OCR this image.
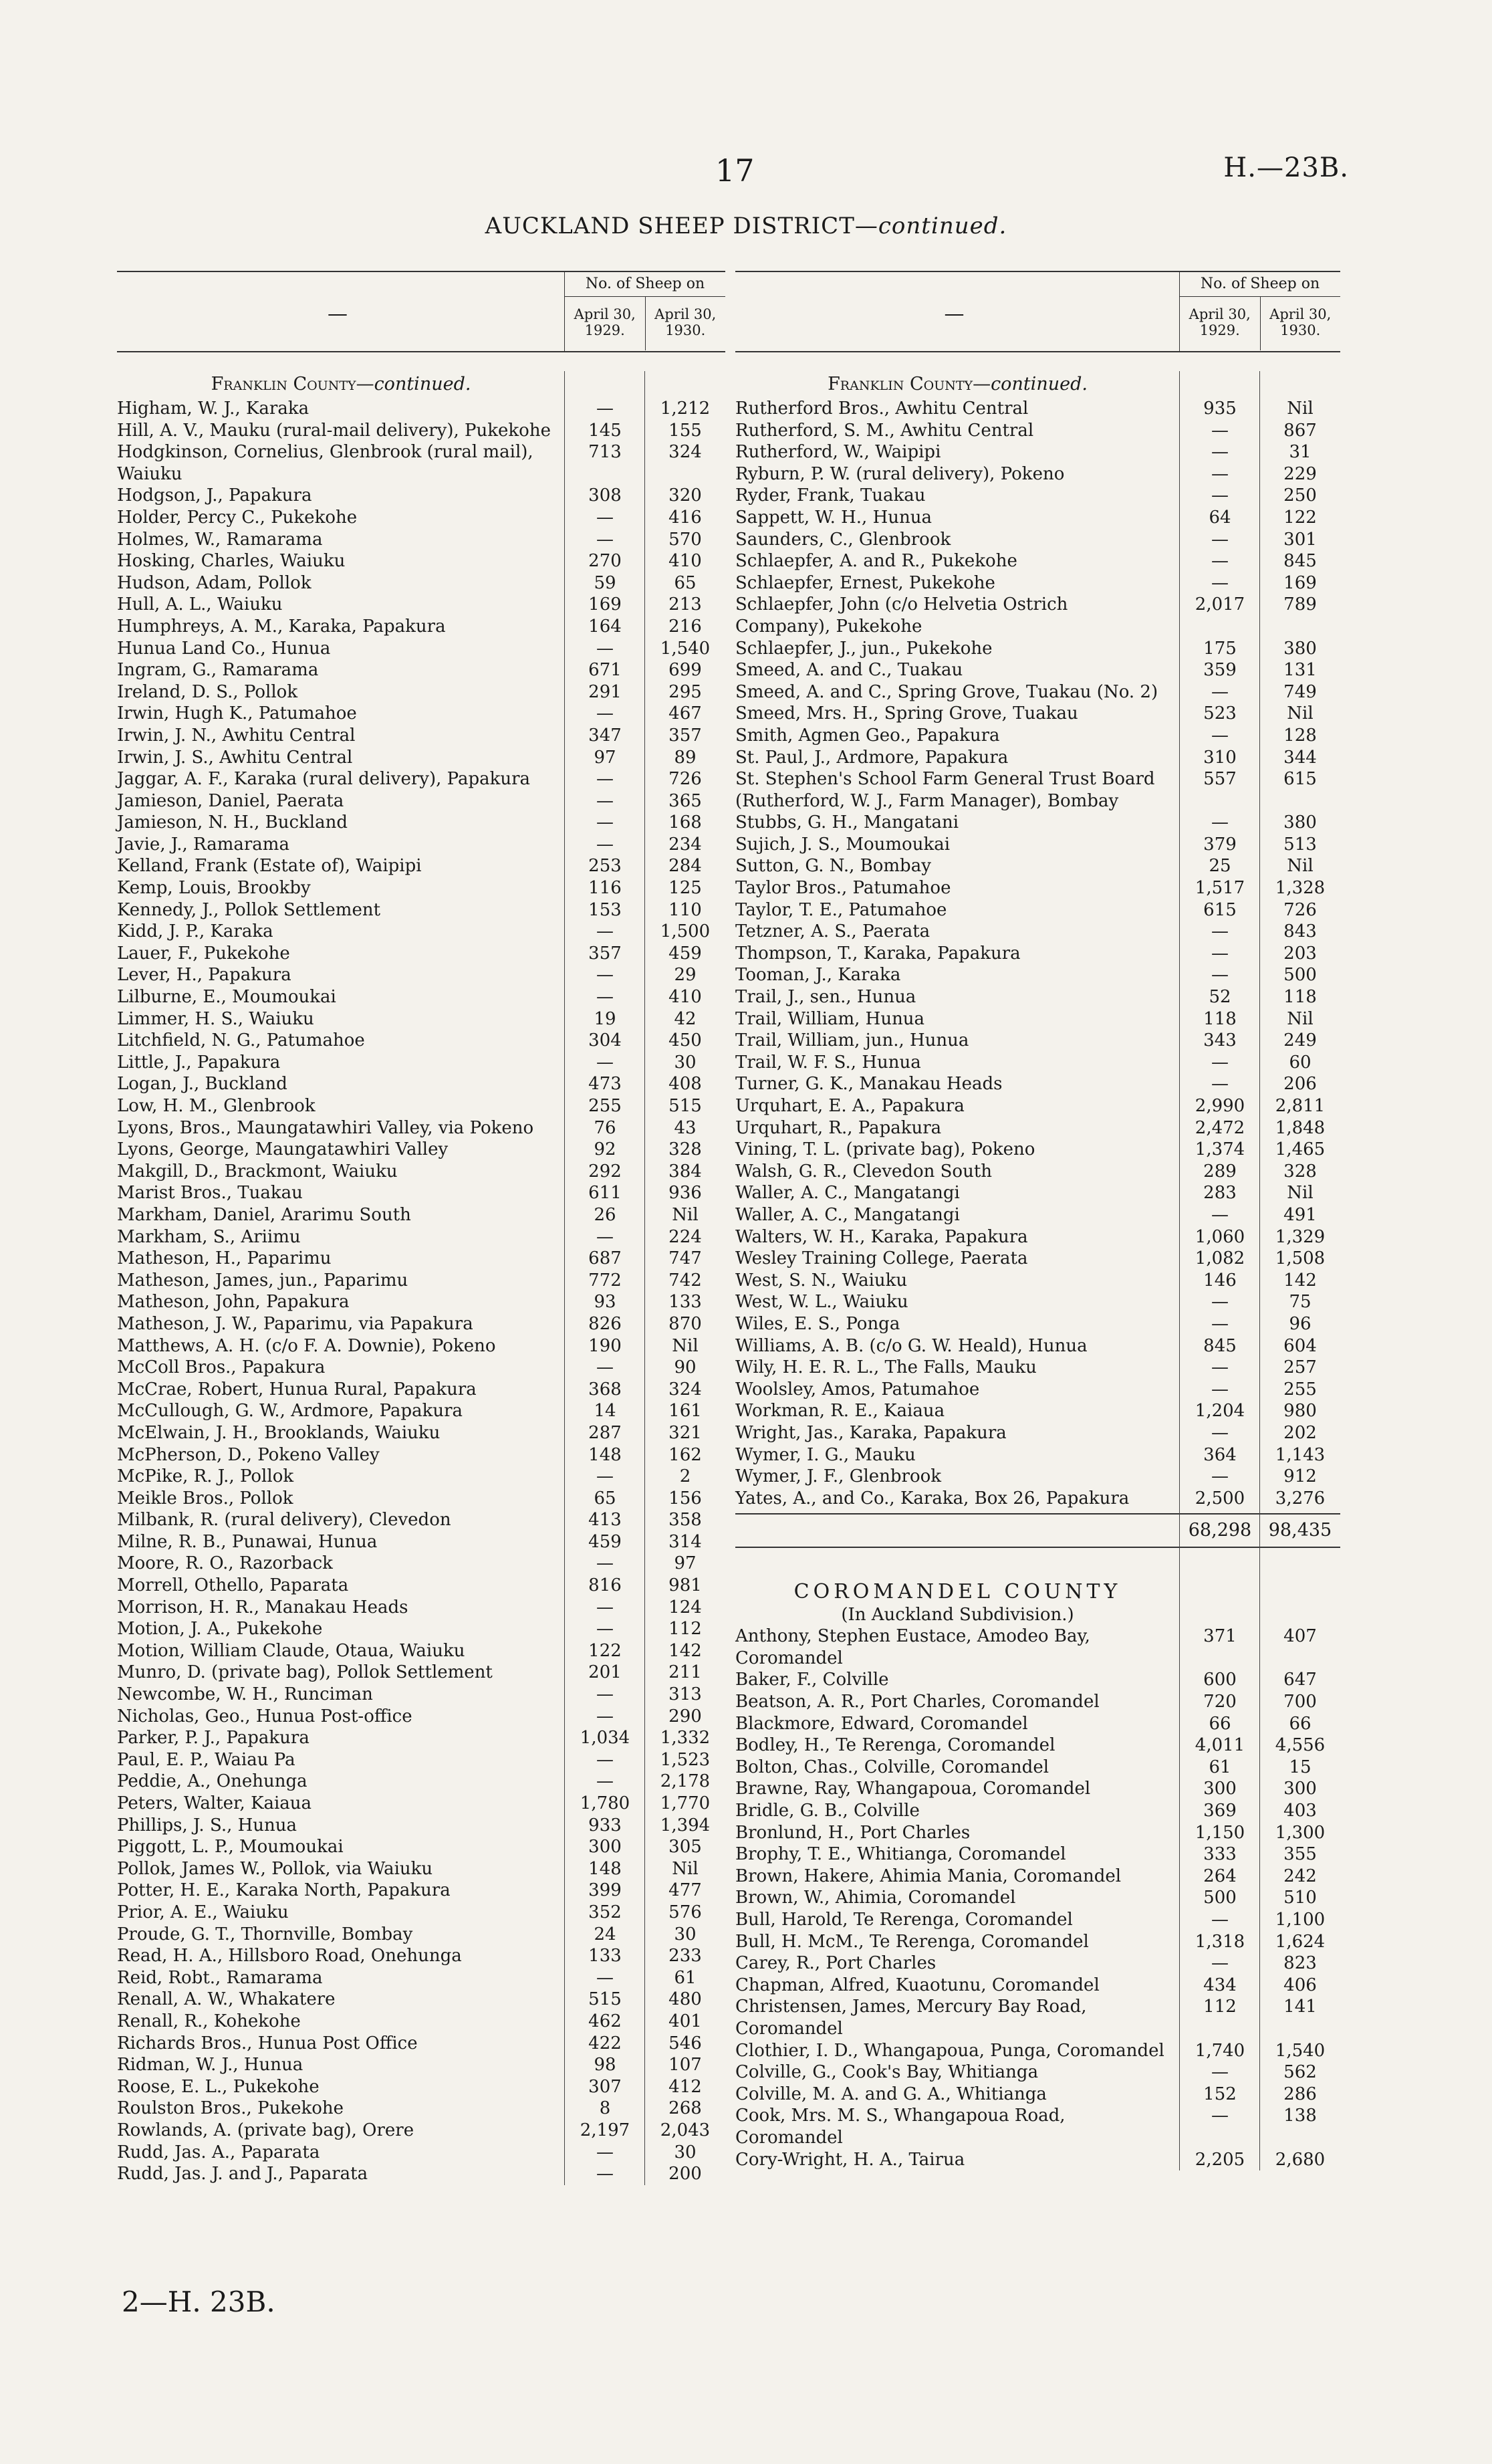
17	H.—23B.
AUCKLAND SHEEP DISTRICT—continued.
—
No. of Sheep on
April 30,
1929.
April 30,
1930.
Franklin County—continued.
Higham, W. J., Karaka	—	1,212
Hill, A. V., Mauku (rural-mail delivery), Pukekohe	145	155
Hodgkinson, Cornelius, Glenbrook (rural mail), Waiuku
713	324
Hodgson, J., Papakura	308	320
Holder, Percy C., Pukekohe	—	416
Holmes, W., Ramarama	—	570
Hosking, Charles, Waiuku	270	410
Hudson, Adam, Pollok	59	65
Hull, A. L., Waiuku	169	213
Humphreys, A. M., Karaka, Papakura	164	216
Hunua Land Co., Hunua	—	1,540
Ingram, G., Ramarama	671	699
Ireland, D. S., Pollok	291	295
Irwin, Hugh K., Patumahoe	—	467
Irwin, J. N., Awhitu Central	347	357
Irwin, J. S., Awhitu Central	97	89
Jaggar, A. F., Karaka (rural delivery), Papakura	—	726
Jamieson, Daniel, Paerata	—	365
Jamieson, N. H., Buckland	—	168
Javie, J., Ramarama	—	234
Kelland, Frank (Estate of), Waipipi	253	284
Kemp, Louis, Brookby	116	125
Kennedy, J., Pollok Settlement	153	110
Kidd, J. P., Karaka	—	1,500
Lauer, F., Pukekohe	357	459
Lever, H., Papakura	—	29
Lilburne, E., Moumoukai	—	410
Limmer, H. S., Waiuku	19	42
Litchfield, N. G., Patumahoe	304	450
Little, J., Papakura	—	30
Logan, J., Buckland	473	408
Low, H. M., Glenbrook	255	515
Lyons, Bros., Maungatawhiri Valley, via Pokeno	76	43
Lyons, George, Maungatawhiri Valley	92	328
Makgill, D., Brackmont, Waiuku	292	384
Marist Bros., Tuakau	611	936
Markham, Daniel, Ararimu South	26	Nil
Markham, S., Ariimu	—	224
Matheson, H., Paparimu	687	747
Matheson, James, jun., Paparimu	772	742
Matheson, John, Papakura	93	133
Matheson, J. W., Paparimu, via Papakura	826	870
Matthews, A. H. (c/o F. A. Downie), Pokeno	190	Nil
McColl Bros., Papakura	—	90
McCrae, Robert, Hunua Rural, Papakura	368	324
McCullough, G. W., Ardmore, Papakura	14	161
McElwain, J. H., Brooklands, Waiuku	287	321
McPherson, D., Pokeno Valley	148	162
McPike, R. J., Pollok	—	2
Meikle Bros., Pollok	65	156
Milbank, R. (rural delivery), Clevedon	413	358
Milne, R. B., Punawai, Hunua	459	314
Moore, R. O., Razorback	—	97
Morrell, Othello, Paparata	816	981
Morrison, H. R., Manakau Heads	—	124
Motion, J. A., Pukekohe	—	112
Motion, William Claude, Otaua, Waiuku	122	142
Munro, D. (private bag), Pollok Settlement	201	211
Newcombe, W. H., Runciman	—	313
Nicholas, Geo., Hunua Post-office	—	290
Parker, P. J., Papakura	1,034	1,332
Paul, E. P., Waiau Pa	—	1,523
Peddie, A., Onehunga	—	2,178
Peters, Walter, Kaiaua	1,780	1,770
Phillips, J. S., Hunua	933	1,394
Piggott, L. P., Moumoukai	300	305
Pollok, James W., Pollok, via Waiuku	148	Nil
Potter, H. E., Karaka North, Papakura	399	477
Prior, A. E., Waiuku	352	576
Proude, G. T., Thornville, Bombay	24	30
Read, H. A., Hillsboro Road, Onehunga	133	233
Reid, Robt., Ramarama	—	61
Renall, A. W., Whakatere	515	480
Renall, R., Kohekohe	462	401
Richards Bros., Hunua Post Office	422	546
Ridman, W. J., Hunua	98	107
Roose, E. L., Pukekohe	307	412
Roulston Bros., Pukekohe	8	268
Rowlands, A. (private bag), Orere	2,197	2,043
Rudd, Jas. A., Paparata	—	30
Rudd, Jas. J. and J., Paparata	—	200
—
No. of Sheep on
April 30,
1929.
April 30,
1930.
Franklin County—continued.
Rutherford Bros., Awhitu Central	935	Nil
Rutherford, S. M., Awhitu Central	—	867
Rutherford, W., Waipipi	—	31
Ryburn, P. W. (rural delivery), Pokeno	—	229
Ryder, Frank, Tuakau	—	250
Sappett, W. H., Hunua	64	122
Saunders, C., Glenbrook	—	301
Schlaepfer, A. and R., Pukekohe	—	845
Schlaepfer, Ernest, Pukekohe	—	169
Schlaepfer, John (c/o Helvetia Ostrich Company), Pukekohe
2,017	789
Schlaepfer, J., jun., Pukekohe	175	380
Smeed, A. and C., Tuakau	359	131
Smeed, A. and C., Spring Grove, Tuakau (No. 2)	—	749
Smeed, Mrs. H., Spring Grove, Tuakau	523	Nil
Smith, Agmen Geo., Papakura	—	128
St. Paul, J., Ardmore, Papakura	310	344
St. Stephen's School Farm General Trust Board (Rutherford, W. J., Farm Manager), Bombay
557	615
Stubbs, G. H., Mangatani	—	380
Sujich, J. S., Moumoukai	379	513
Sutton, G. N., Bombay	25	Nil
Taylor Bros., Patumahoe	1,517	1,328
Taylor, T. E., Patumahoe	615	726
Tetzner, A. S., Paerata	—	843
Thompson, T., Karaka, Papakura	—	203
Tooman, J., Karaka	—	500
Trail, J., sen., Hunua	52	118
Trail, William, Hunua	118	Nil
Trail, William, jun., Hunua	343	249
Trail, W. F. S., Hunua	—	60
Turner, G. K., Manakau Heads	—	206
Urquhart, E. A., Papakura	2,990	2,811
Urquhart, R., Papakura	2,472	1,848
Vining, T. L. (private bag), Pokeno	1,374	1,465
Walsh, G. R., Clevedon South	289	328
Waller, A. C., Mangatangi	283	Nil
Waller, A. C., Mangatangi	—	491
Walters, W. H., Karaka, Papakura	1,060	1,329
Wesley Training College, Paerata	1,082	1,508
West, S. N., Waiuku	146	142
West, W. L., Waiuku	—	75
Wiles, E. S., Ponga	—	96
Williams, A. B. (c/o G. W. Heald), Hunua	845	604
Wily, H. E. R. L., The Falls, Mauku	—	257
Woolsley, Amos, Patumahoe	—	255
Workman, R. E., Kaiaua	1,204	980
Wright, Jas., Karaka, Papakura	—	202
Wymer, I. G., Mauku	364	1,143
Wymer, J. F., Glenbrook	—	912
Yates, A., and Co., Karaka, Box 26, Papakura	2,500	3,276
68,298 98,435
COROMANDEL COUNTY
(In Auckland Subdivision.)
Anthony, Stephen Eustace, Amodeo Bay, Coromandel
371	407
Baker, F., Colville	600	647
Beatson, A. R., Port Charles, Coromandel	720	700
Blackmore, Edward, Coromandel	66	66
Bodley, H., Te Rerenga, Coromandel	4,011	4,556
Bolton, Chas., Colville, Coromandel	61	15
Brawne, Ray, Whangapoua, Coromandel	300	300
Bridle, G. B., Colville	369	403
Bronlund, H., Port Charles	1,150	1,300
Brophy, T. E., Whitianga, Coromandel	333	355
Brown, Hakere, Ahimia Mania, Coromandel	264	242
Brown, W., Ahimia, Coromandel	500	510
Bull, Harold, Te Rerenga, Coromandel	—	1,100
Bull, H. McM., Te Rerenga, Coromandel	1,318	1,624
Carey, R., Port Charles	—	823
Chapman, Alfred, Kuaotunu, Coromandel	434	406
Christensen, James, Mercury Bay Road, Coromandel
112	141
Clothier, I. D., Whangapoua, Punga, Coromandel	1,740	1,540
Colville, G., Cook's Bay, Whitianga	—	562
Colville, M. A. and G. A., Whitianga	152	286
Cook, Mrs. M. S., Whangapoua Road, Coromandel
—	138
Cory-Wright, H. A., Tairua	2,205	2,680
2—H. 23B.
